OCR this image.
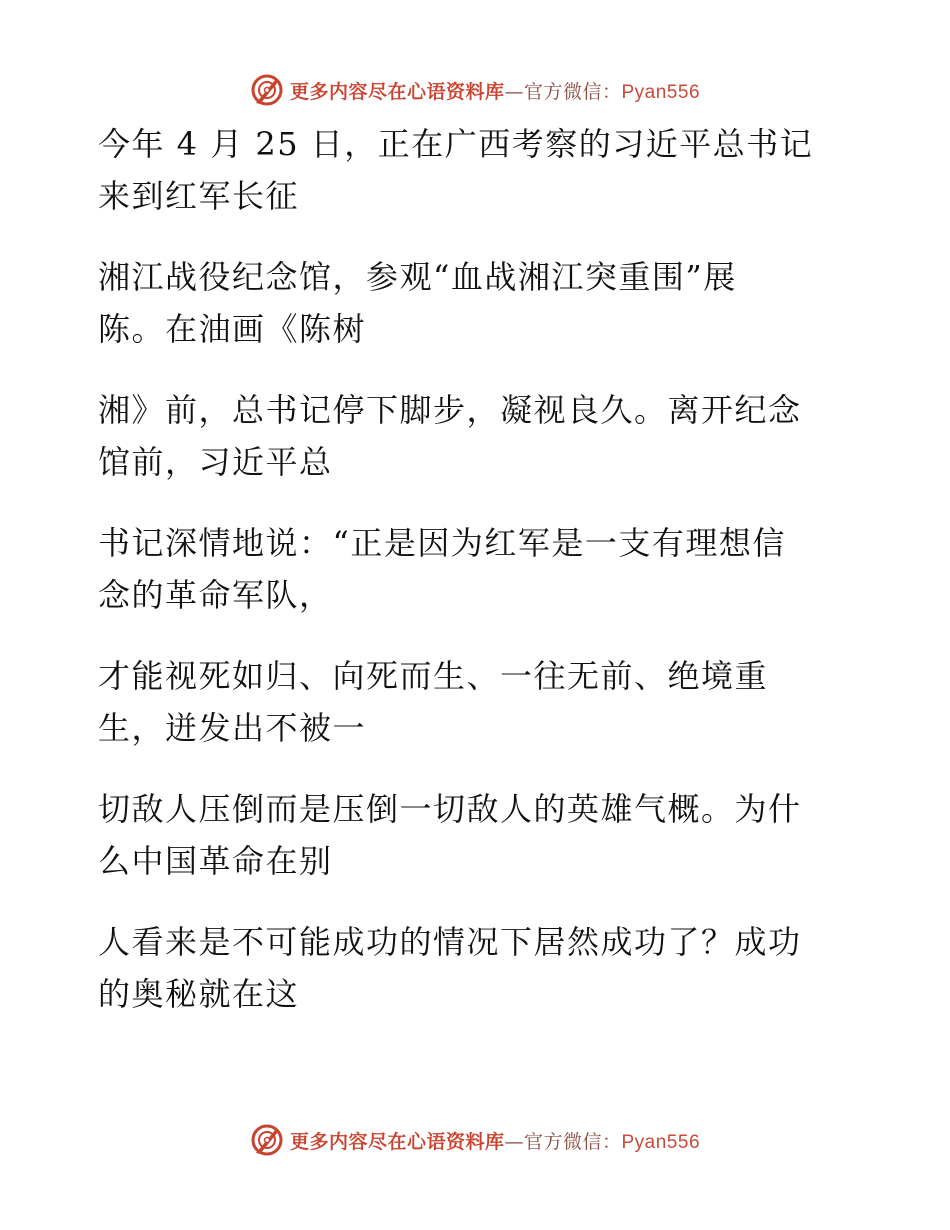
更多内容尽在心语资料库—官方微信：Pyan556

今年 4 月 25 日，正在广西考察的习近平总书记
来到红军长征

湘江战役纪念馆，参观“血战湘江突重围”展
陈。在油画《陈树

湘》前，总书记停下脚步，凝视良久。离开纪念
馆前，习近平总

书记深情地说：“正是因为红军是一支有理想信
念的革命军队，

才能视死如归、向死而生、一往无前、绝境重
生，迸发出不被一

切敌人压倒而是压倒一切敌人的英雄气概。为什
么中国革命在别

人看来是不可能成功的情况下居然成功了？成功
的奥秘就在这

更多内容尽在心语资料库—官方微信：Pyan556
